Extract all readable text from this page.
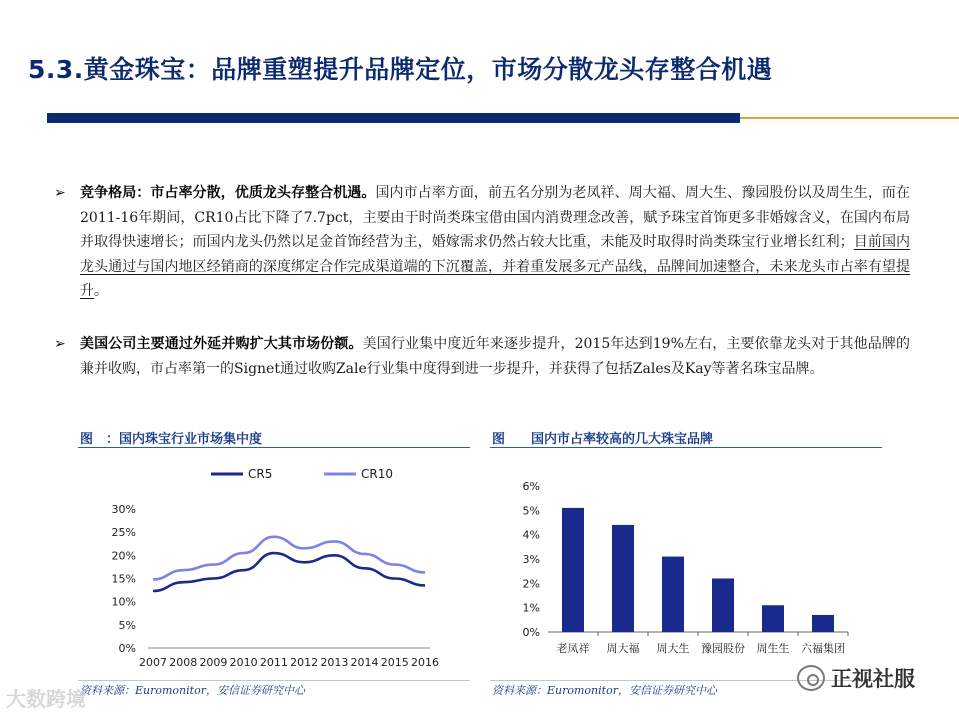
5.3.黄金珠宝：品牌重塑提升品牌定位，市场分散龙头存整合机遇
➢ 竞争格局：市占率分散，优质龙头存整合机遇。国内市占率方面，前五名分别为老凤祥、周大福、周大生、豫园股份以及周生生，而在2011-16年期间，CR10占比下降了7.7pct，主要由于时尚类珠宝借由国内消费理念改善，赋予珠宝首饰更多非婚嫁含义，在国内布局并取得快速增长；而国内龙头仍然以足金首饰经营为主，婚嫁需求仍然占较大比重，未能及时取得时尚类珠宝行业增长红利；目前国内龙头通过与国内地区经销商的深度绑定合作完成渠道端的下沉覆盖，并着重发展多元产品线，品牌间加速整合，未来龙头市占率有望提升。
➢ 美国公司主要通过外延并购扩大其市场份额。美国行业集中度近年来逐步提升，2015年达到19%左右，主要依靠龙头对于其他品牌的兼并收购，市占率第一的Signet通过收购Zale行业集中度得到进一步提升，并获得了包括Zales及Kay等著名珠宝品牌。
图　：国内珠宝行业市场集中度
0%
5%
10%
15%
20%
25%
30%
2007 2008 2009 2010 2011 2012 2013 2014 2015 2016
CR5	CR10
资料来源：Euromonitor，安信证券研究中心
图　　国内市占率较高的几大珠宝品牌
0%
1%
2%
3%
4%
5%
6%
老凤祥 周大福 周大生 豫园股份 周生生 六福集团
资料来源：Euromonitor，安信证券研究中心
大数跨境
正视社服
